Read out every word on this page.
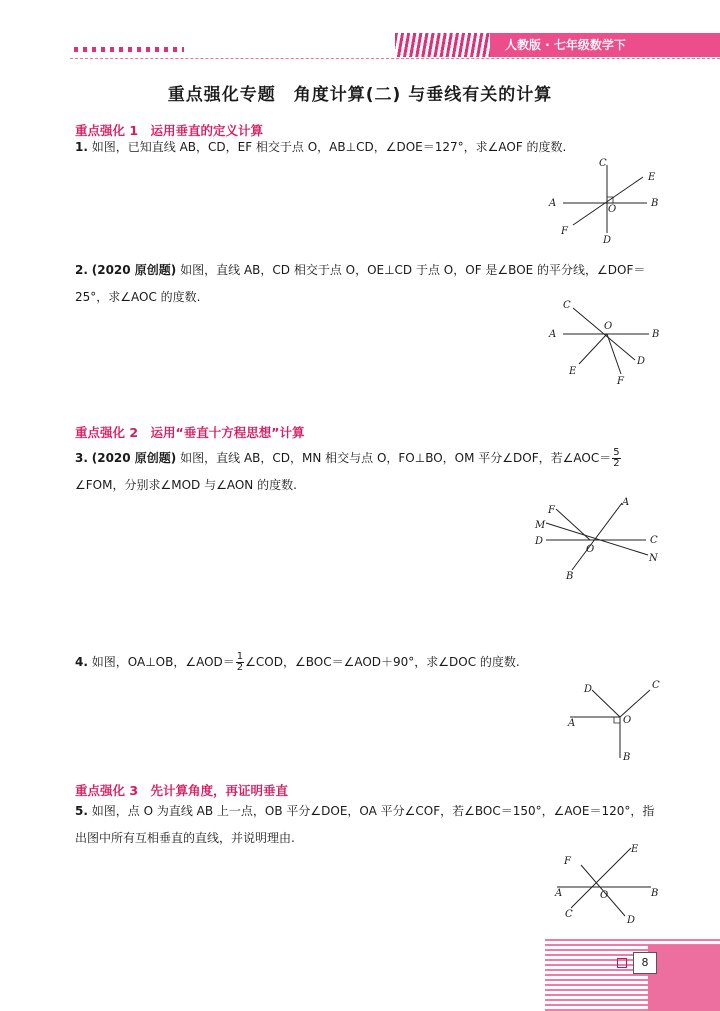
人教版 · 七年级数学下
重点强化专题　角度计算(二) 与垂线有关的计算
重点强化 1　运用垂直的定义计算
1. 如图，已知直线 AB，CD，EF 相交于点 O，AB⊥CD，∠DOE＝127°，求∠AOF 的度数.
C
E
A
O
B
F
D
2. (2020 原创题) 如图，直线 AB，CD 相交于点 O，OE⊥CD 于点 O，OF 是∠BOE 的平分线，∠DOF＝25°，求∠AOC 的度数.
C
O
A	B
D
E
F
重点强化 2　运用“垂直十方程思想”计算
3. (2020 原创题) 如图，直线 AB，CD，MN 相交与点 O，FO⊥BO，OM 平分∠DOF，若∠AOC＝ $\frac{5}{2}$
∠FOM，分别求∠MOD 与∠AON 的度数.
A
F
M
C
D
O
N
B
4. 如图，OA⊥OB，∠AOD＝ $\frac{1}{2}$ ∠COD，∠BOC＝∠AOD＋90°，求∠DOC 的度数.
D	C
A	O
B
重点强化 3　先计算角度，再证明垂直
5. 如图，点 O 为直线 AB 上一点，OB 平分∠DOE，OA 平分∠COF，若∠BOC＝150°，∠AOE＝120°，指出图中所有互相垂直的直线，并说明理由.
E
F
A	O	B
C
D
8
